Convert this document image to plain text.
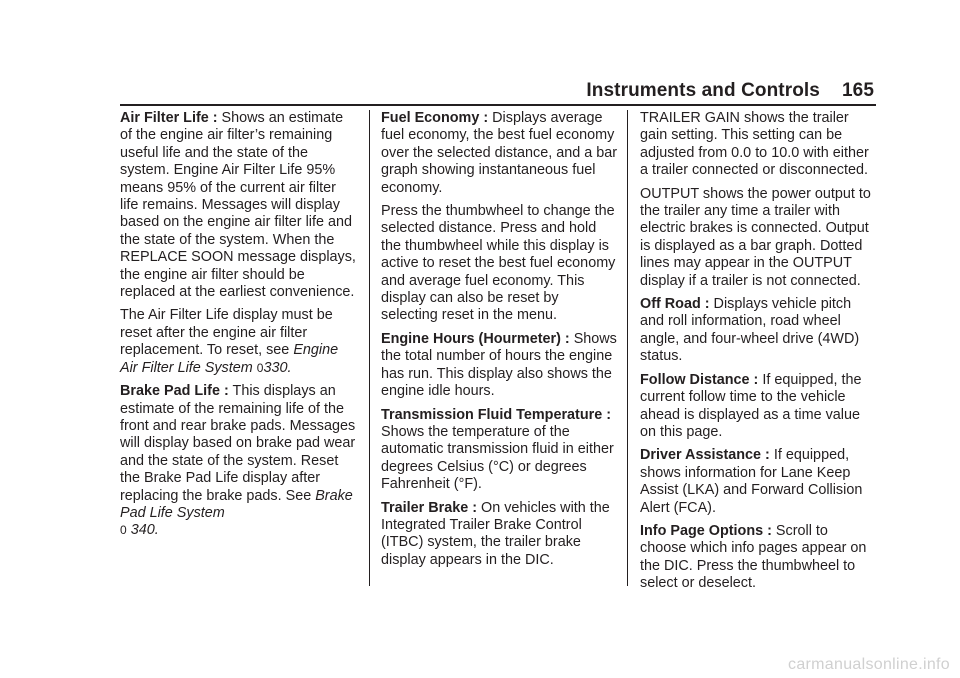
Instruments and Controls 165

Air Filter Life : Shows an estimate of the engine air filter’s remaining useful life and the state of the system. Engine Air Filter Life 95% means 95% of the current air filter life remains. Messages will display based on the engine air filter life and the state of the system. When the REPLACE SOON message displays, the engine air filter should be replaced at the earliest convenience.

The Air Filter Life display must be reset after the engine air filter replacement. To reset, see Engine Air Filter Life System 0330.

Brake Pad Life : This displays an estimate of the remaining life of the front and rear brake pads. Messages will display based on brake pad wear and the state of the system. Reset the Brake Pad Life display after replacing the brake pads. See Brake Pad Life System
0 340.

Fuel Economy : Displays average fuel economy, the best fuel economy over the selected distance, and a bar graph showing instantaneous fuel economy.

Press the thumbwheel to change the selected distance. Press and hold the thumbwheel while this display is active to reset the best fuel economy and average fuel economy. This display can also be reset by selecting reset in the menu.

Engine Hours (Hourmeter) : Shows the total number of hours the engine has run. This display also shows the engine idle hours.

Transmission Fluid Temperature : Shows the temperature of the automatic transmission fluid in either degrees Celsius (°C) or degrees Fahrenheit (°F).

Trailer Brake : On vehicles with the Integrated Trailer Brake Control (ITBC) system, the trailer brake display appears in the DIC.

TRAILER GAIN shows the trailer gain setting. This setting can be adjusted from 0.0 to 10.0 with either a trailer connected or disconnected.

OUTPUT shows the power output to the trailer any time a trailer with electric brakes is connected. Output is displayed as a bar graph. Dotted lines may appear in the OUTPUT display if a trailer is not connected.

Off Road : Displays vehicle pitch and roll information, road wheel angle, and four-wheel drive (4WD) status.

Follow Distance : If equipped, the current follow time to the vehicle ahead is displayed as a time value on this page.

Driver Assistance : If equipped, shows information for Lane Keep Assist (LKA) and Forward Collision Alert (FCA).

Info Page Options : Scroll to choose which info pages appear on the DIC. Press the thumbwheel to select or deselect.

carmanualsonline.info
